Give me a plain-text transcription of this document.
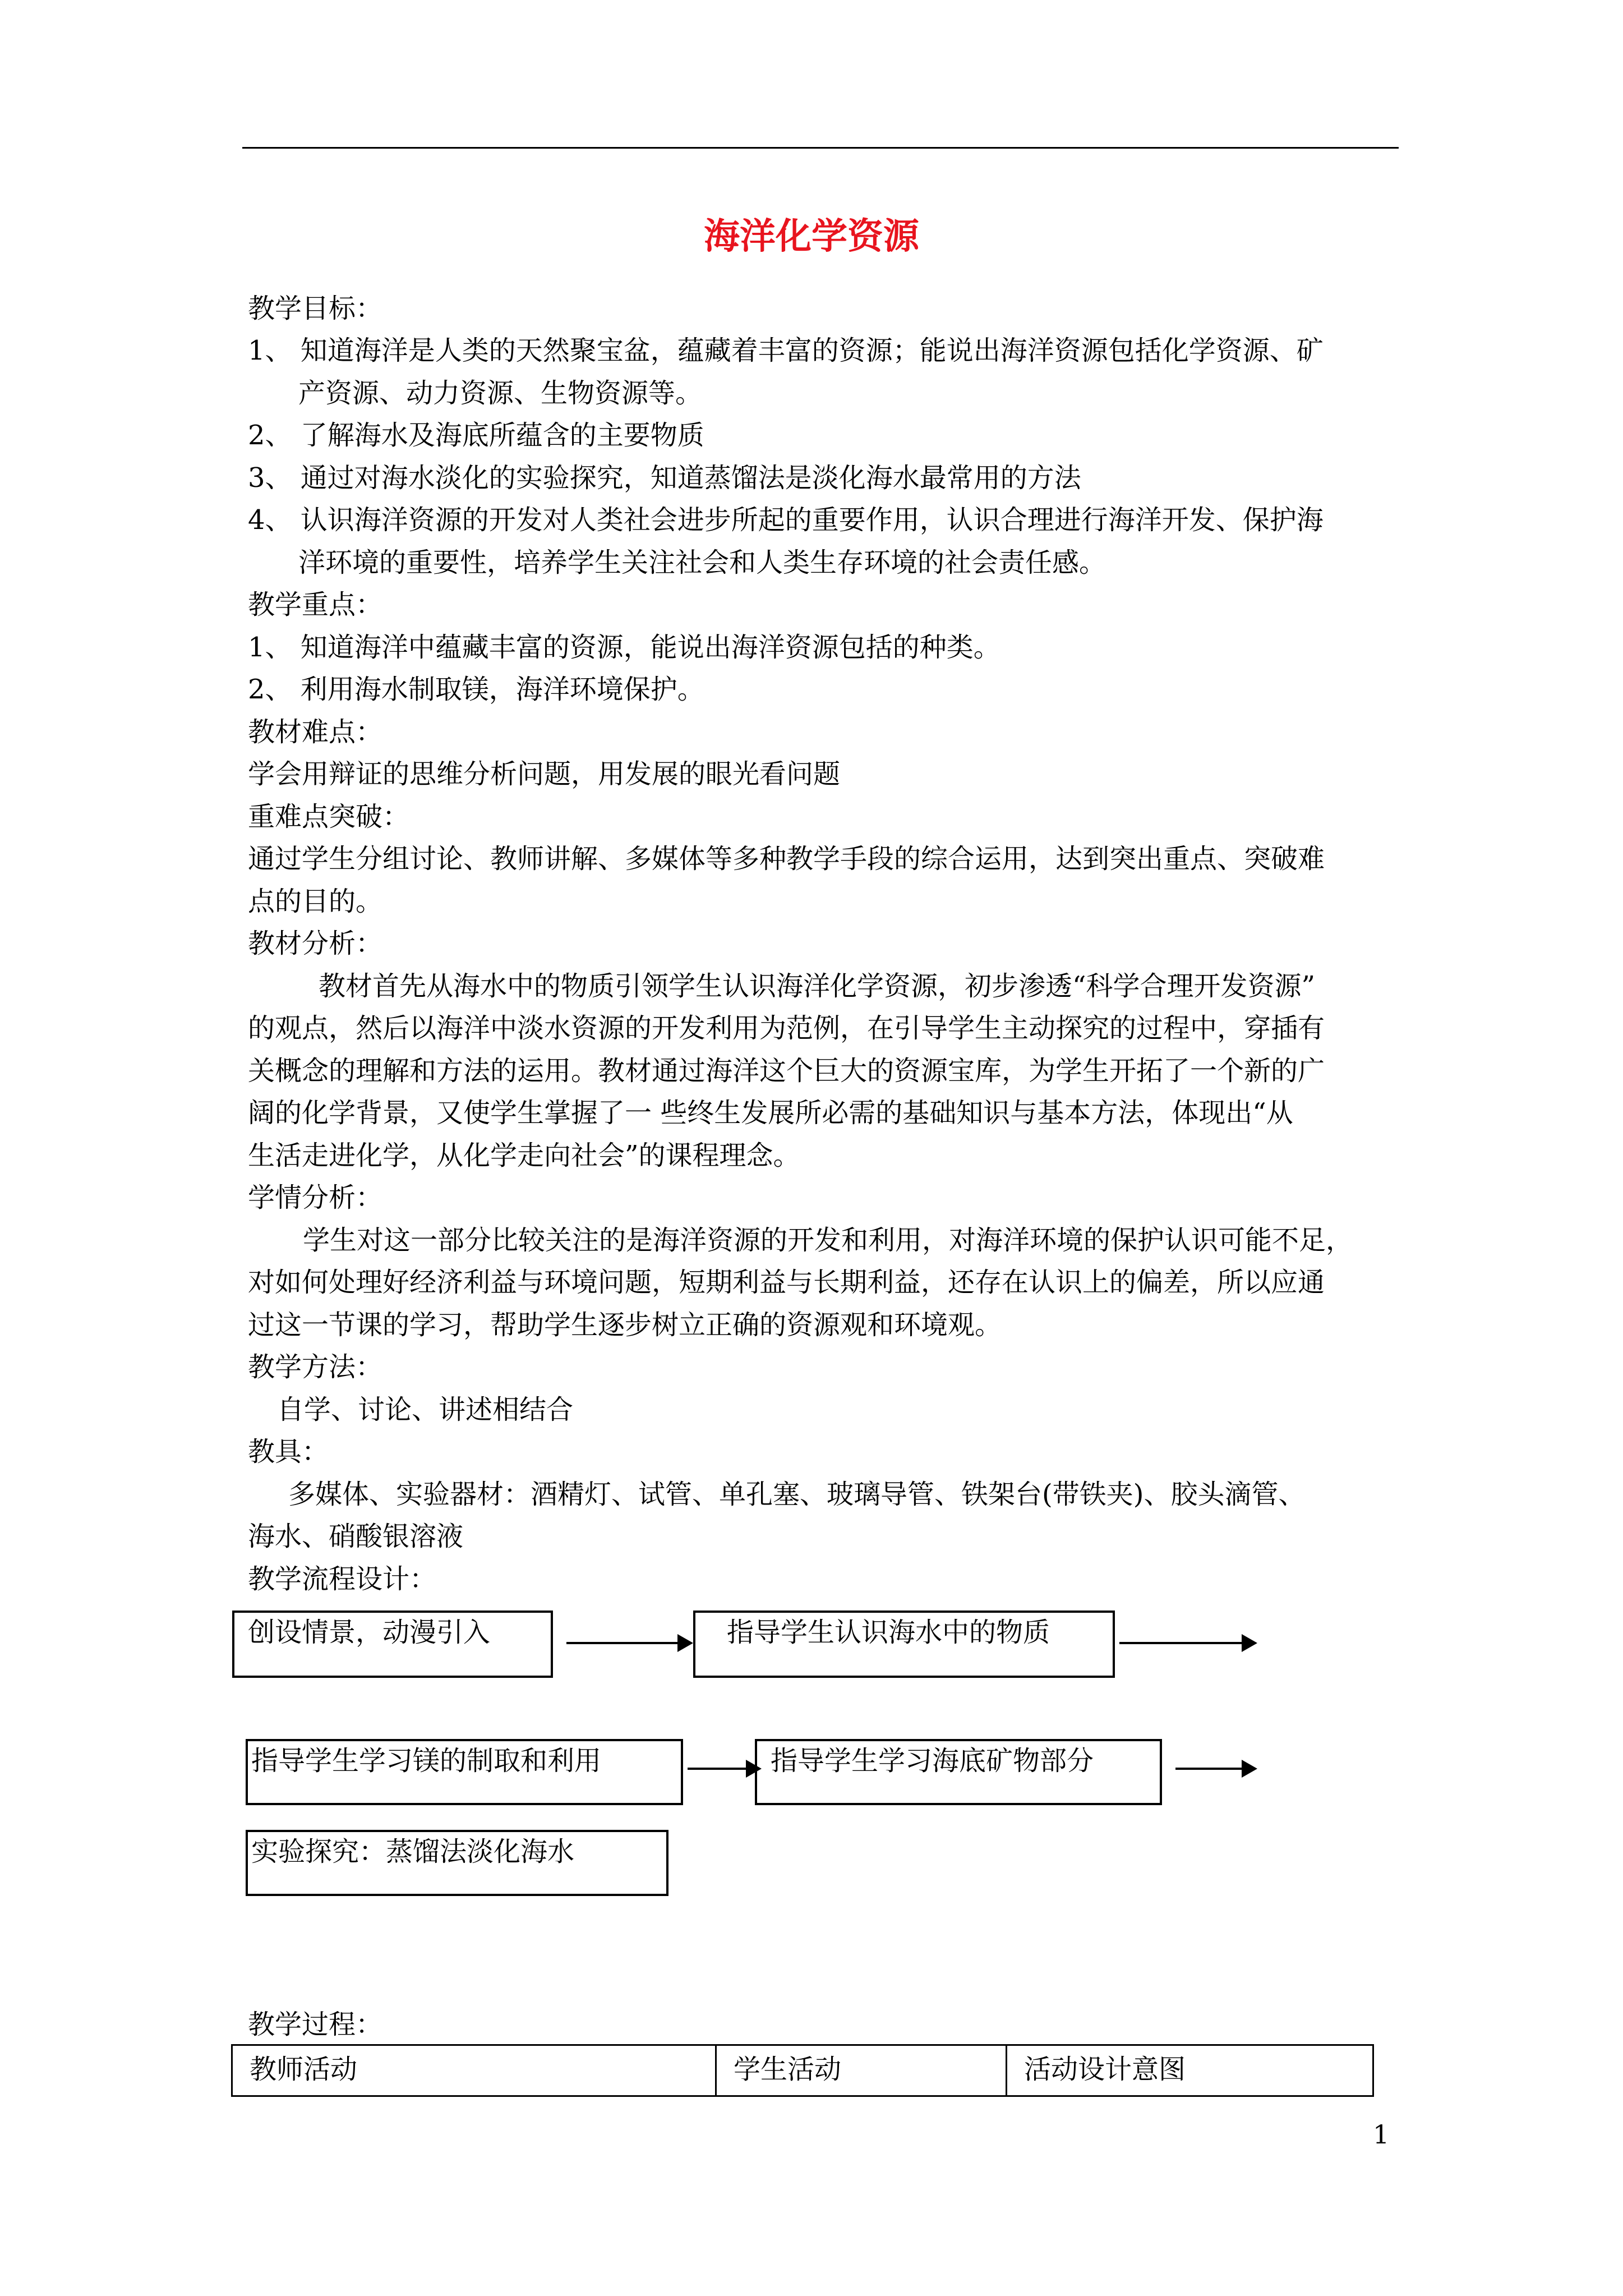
海洋化学资源
教学目标：
1、 知道海洋是人类的天然聚宝盆，蕴藏着丰富的资源；能说出海洋资源包括化学资源、矿
产资源、动力资源、生物资源等。
2、 了解海水及海底所蕴含的主要物质
3、 通过对海水淡化的实验探究，知道蒸馏法是淡化海水最常用的方法
4、 认识海洋资源的开发对人类社会进步所起的重要作用，认识合理进行海洋开发、保护海
洋环境的重要性，培养学生关注社会和人类生存环境的社会责任感。
教学重点：
1、 知道海洋中蕴藏丰富的资源，能说出海洋资源包括的种类。
2、 利用海水制取镁，海洋环境保护。
教材难点：
学会用辩证的思维分析问题，用发展的眼光看问题
重难点突破：
通过学生分组讨论、教师讲解、多媒体等多种教学手段的综合运用，达到突出重点、突破难
点的目的。
教材分析：
教材首先从海水中的物质引领学生认识海洋化学资源，初步渗透“科学合理开发资源”
的观点，然后以海洋中淡水资源的开发利用为范例，在引导学生主动探究的过程中，穿插有
关概念的理解和方法的运用。教材通过海洋这个巨大的资源宝库，为学生开拓了一个新的广
阔的化学背景，又使学生掌握了一 些终生发展所必需的基础知识与基本方法，体现出“从
生活走进化学，从化学走向社会”的课程理念。
学情分析：
学生对这一部分比较关注的是海洋资源的开发和利用，对海洋环境的保护认识可能不足，
对如何处理好经济利益与环境问题，短期利益与长期利益，还存在认识上的偏差，所以应通
过这一节课的学习，帮助学生逐步树立正确的资源观和环境观。
教学方法：
自学、讨论、讲述相结合
教具：
多媒体、实验器材：酒精灯、试管、单孔塞、玻璃导管、铁架台(带铁夹)、胶头滴管、
海水、硝酸银溶液
教学流程设计：
创设情景，动漫引入	指导学生认识海水中的物质
指导学生学习镁的制取和利用	指导学生学习海底矿物部分
实验探究：蒸馏法淡化海水
教学过程：
教师活动	学生活动	活动设计意图
1
